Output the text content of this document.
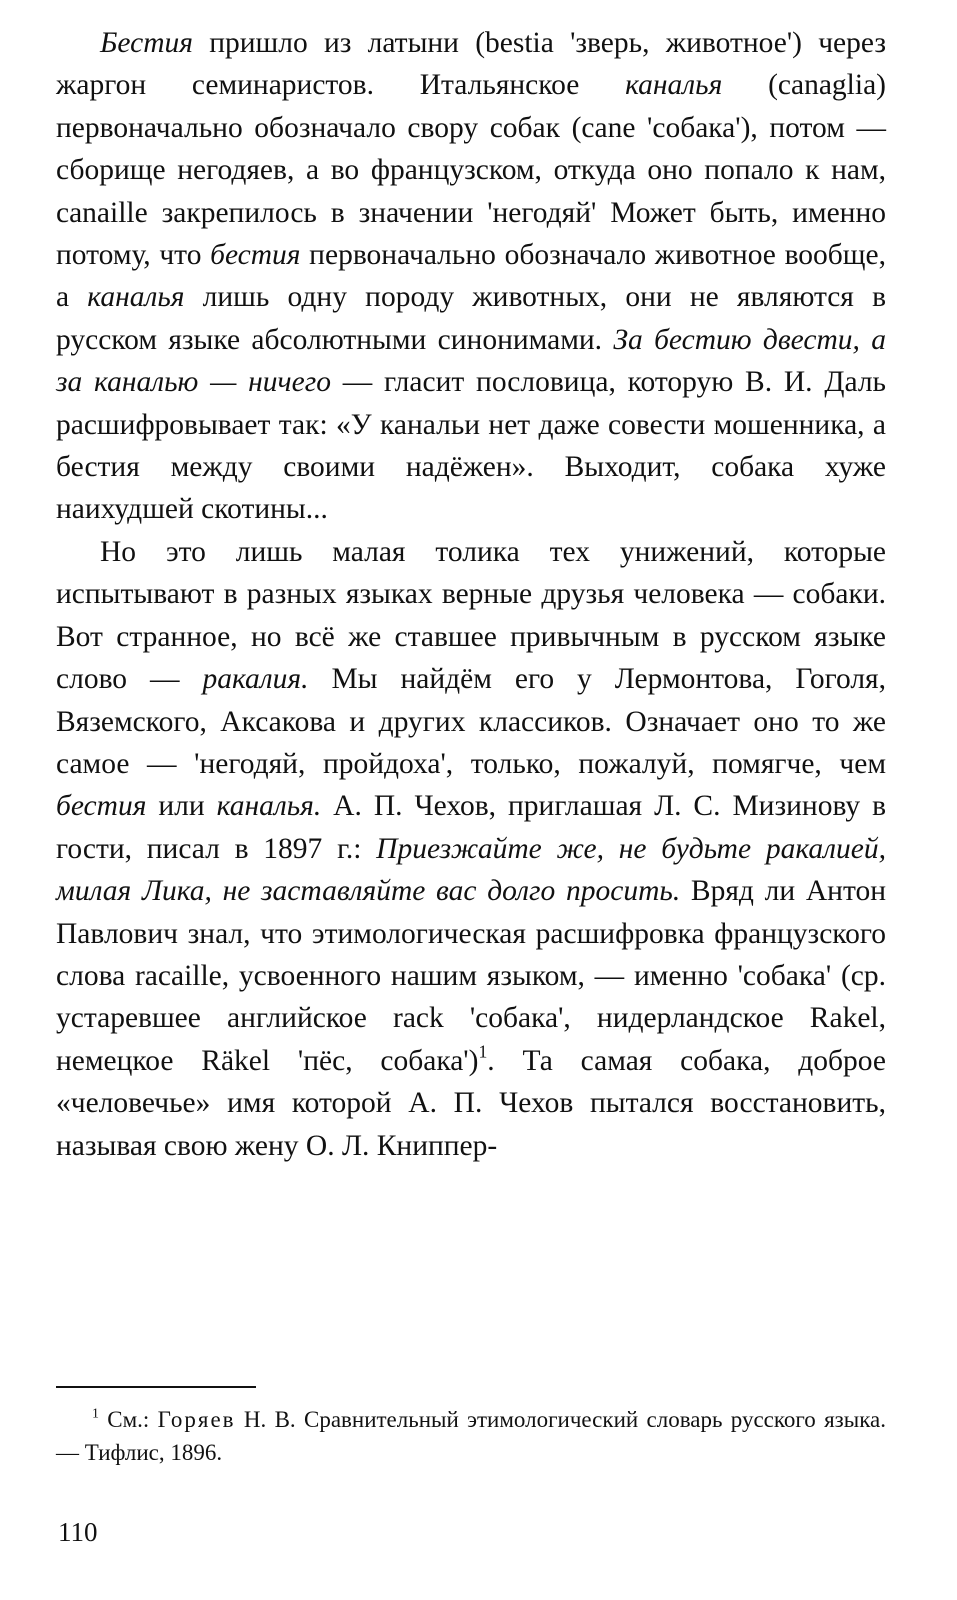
Бестия пришло из латыни (bestia 'зверь, животное') через жаргон семинаристов. Итальянское каналья (canaglia) первоначально обозначало свору собак (cane 'собака'), потом — сборище негодяев, а во французском, откуда оно попало к нам, canaille закрепилось в значении 'негодяй' Может быть, именно потому, что бестия первоначально обозначало животное вообще, а каналья лишь одну породу животных, они не являются в русском языке абсолютными синонимами. За бестию двести, а за каналью — ничего — гласит пословица, которую В. И. Даль расшифровывает так: «У канальи нет даже совести мошенника, а бестия между своими надёжен». Выходит, собака хуже наихудшей скотины...

Но это лишь малая толика тех унижений, которые испытывают в разных языках верные друзья человека — собаки. Вот странное, но всё же ставшее привычным в русском языке слово — ракалия. Мы найдём его у Лермонтова, Гоголя, Вяземского, Аксакова и других классиков. Означает оно то же самое — 'негодяй, пройдоха', только, пожалуй, помягче, чем бестия или каналья. А. П. Чехов, приглашая Л. С. Мизинову в гости, писал в 1897 г.: Приезжайте же, не будьте ракалией, милая Лика, не заставляйте вас долго просить. Вряд ли Антон Павлович знал, что этимологическая расшифровка французского слова racaille, усвоенного нашим языком, — именно 'собака' (ср. устаревшее английское rack 'собака', нидерландское Rakel, немецкое Räkel 'пёс, собака')$^1$. Та самая собака, доброе «человечье» имя которой А. П. Чехов пытался восстановить, называя свою жену О. Л. Книппер-

$^1$ См.: Горяев Н. В. Сравнительный этимологический словарь русского языка. — Тифлис, 1896.

110
